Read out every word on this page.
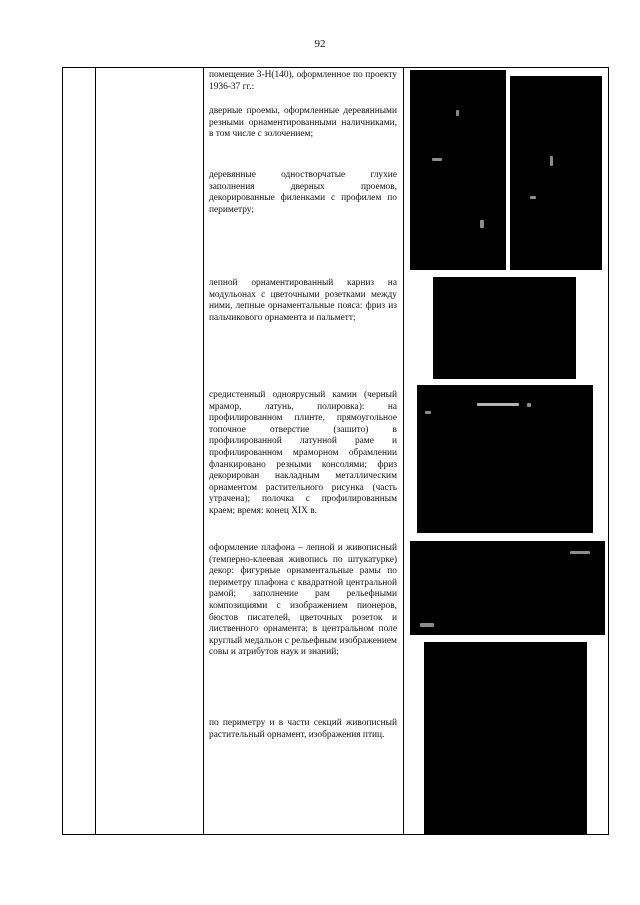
92
помещение 3-Н(140), оформленное по проекту 1936-37 гг.:
дверные проемы, оформленные деревянными резными орнаментированными наличниками, в том числе с золочением;
деревянные одностворчатые глухие заполнения дверных проемов, декорированные филенками с профилем по периметру;
лепной орнаментированный карниз на модульонах с цветочными розетками между ними, лепные орнаментальные пояса: фриз из пальчикового орнамента и пальметт;
средистенный одноярусный камин (черный мрамор, латунь, полировка): на профилированном плинте, прямоугольное топочное отверстие (зашито) в профилированной латунной раме и профилированном мраморном обрамлении фланкировано резными консолями; фриз декорирован накладным металлическим орнаментом растительного рисунка (часть утрачена); полочка с профилированным краем; время: конец XIX в.
оформление плафона – лепной и живописный (темперно-клеевая живопись по штукатурке) декор: фигурные орнаментальные рамы по периметру плафона с квадратной центральной рамой; заполнение рам рельефными композициями с изображением пионеров, бюстов писателей, цветочных розеток и лиственного орнамента; в центральном поле круглый медальон с рельефным изображением совы и атрибутов наук и знаний;
по периметру и в части секций живописный растительный орнамент, изображения птиц.
